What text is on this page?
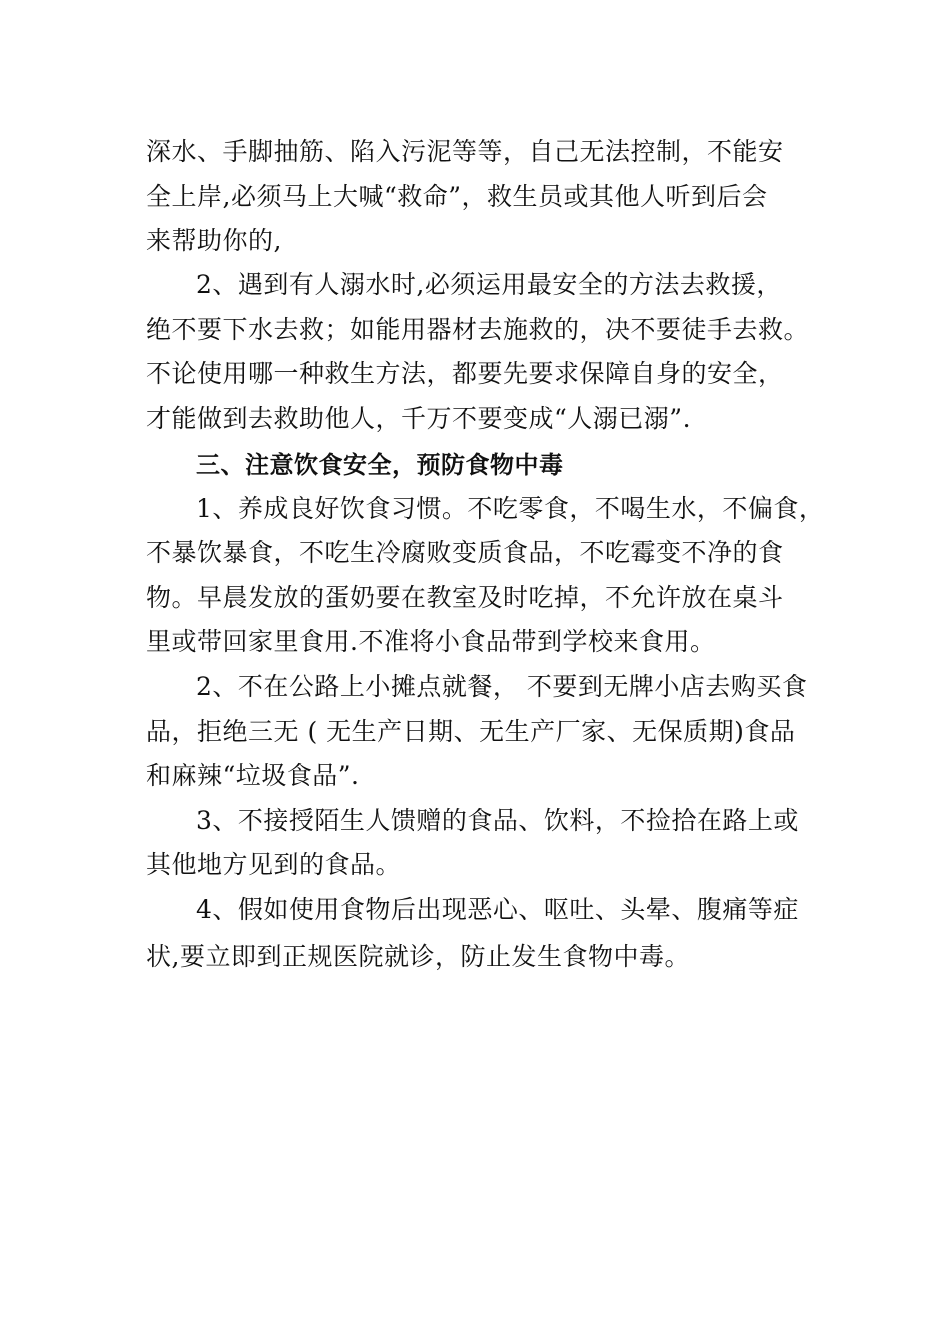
深水、手脚抽筋、陷入污泥等等，自己无法控制，不能安
全上岸,必须马上大喊“救命”，救生员或其他人听到后会
来帮助你的,
2、遇到有人溺水时,必须运用最安全的方法去救援，
绝不要下水去救；如能用器材去施救的，决不要徒手去救。
不论使用哪一种救生方法，都要先要求保障自身的安全，
才能做到去救助他人，千万不要变成“人溺已溺”.
三、注意饮食安全，预防食物中毒
1、养成良好饮食习惯。不吃零食，不喝生水，不偏食，
不暴饮暴食，不吃生冷腐败变质食品，不吃霉变不净的食
物。早晨发放的蛋奶要在教室及时吃掉，不允许放在桌斗
里或带回家里食用.不准将小食品带到学校来食用。
2、不在公路上小摊点就餐， 不要到无牌小店去购买食
品，拒绝三无 ( 无生产日期、无生产厂家、无保质期)食品
和麻辣“垃圾食品”.
3、不接授陌生人馈赠的食品、饮料，不捡拾在路上或
其他地方见到的食品。
4、假如使用食物后出现恶心、呕吐、头晕、腹痛等症
状,要立即到正规医院就诊，防止发生食物中毒。
